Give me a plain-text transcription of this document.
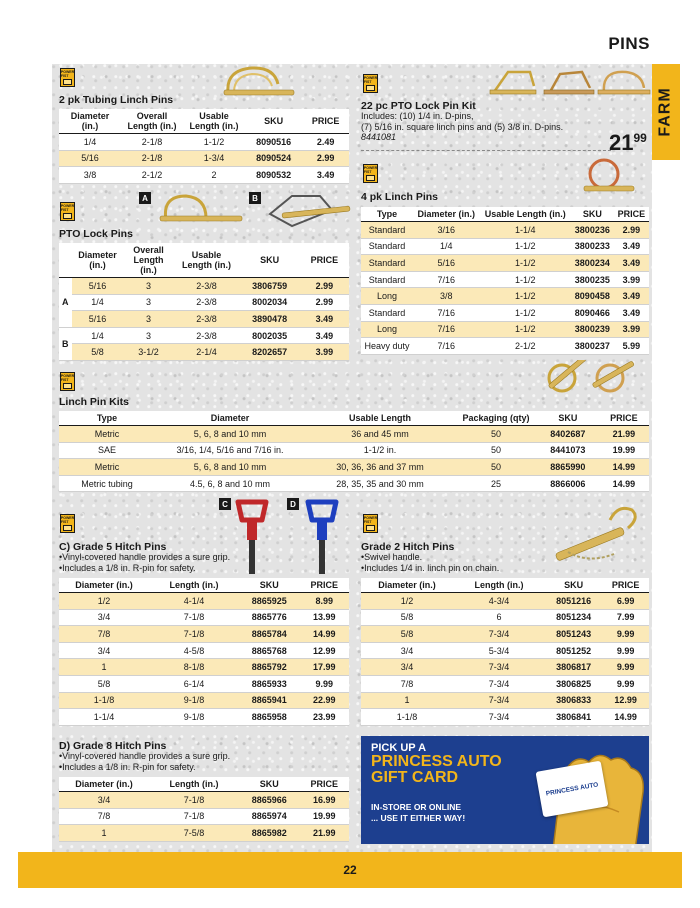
PINS
FARM
POWER FIST
2 pk Tubing Linch Pins
Diameter (in.)	Overall Length (in.)	Usable Length (in.)	SKU	PRICE
1/4	2-1/8	1-1/2	8090516	2.49
5/16	2-1/8	1-3/4	8090524	2.99
3/8	2-1/2	2	8090532	3.49
POWER FIST
22 pc PTO Lock Pin Kit
Includes: (10) 1/4 in. D-pins,
(7) 5/16 in. square linch pins and (5) 3/8 in. D-pins.
8441081	$21^{99}$
POWER FIST
4 pk Linch Pins
Type	Diameter (in.)	Usable Length (in.)	SKU	PRICE
Standard	3/16	1-1/4	3800236	2.99
Standard	1/4	1-1/2	3800233	3.49
Standard	5/16	1-1/2	3800234	3.49
Standard	7/16	1-1/2	3800235	3.99
Long	3/8	1-1/2	8090458	3.49
Standard	7/16	1-1/2	8090466	3.49
Long	7/16	1-1/2	3800239	3.99
Heavy duty	7/16	2-1/2	3800237	5.99
POWER FIST
A	B
PTO Lock Pins
	Diameter (in.)	Overall Length (in.)	Usable Length (in.)	SKU	PRICE
A	5/16	3	2-3/8	3806759	2.99
	1/4	3	2-3/8	8002034	2.99
	5/16	3	2-3/8	3890478	3.49
B	1/4	3	2-3/8	8002035	3.49
	5/8	3-1/2	2-1/4	8202657	3.99
POWER FIST
Linch Pin Kits
Type	Diameter	Usable Length	Packaging (qty)	SKU	PRICE
Metric	5, 6, 8 and 10 mm	36 and 45 mm	50	8402687	21.99
SAE	3/16, 1/4, 5/16 and 7/16 in.	1-1/2 in.	50	8441073	19.99
Metric	5, 6, 8 and 10 mm	30, 36, 36 and 37 mm	50	8865990	14.99
Metric tubing	4.5, 6, 8 and 10 mm	28, 35, 35 and 30 mm	25	8866006	14.99
POWER FIST
C	D
C) Grade 5 Hitch Pins
•Vinyl-covered handle provides a sure grip.
•Includes a 1/8 in. R-pin for safety.
Diameter (in.)	Length (in.)	SKU	PRICE
1/2	4-1/4	8865925	8.99
3/4	7-1/8	8865776	13.99
7/8	7-1/8	8865784	14.99
3/4	4-5/8	8865768	12.99
1	8-1/8	8865792	17.99
5/8	6-1/4	8865933	9.99
1-1/8	9-1/8	8865941	22.99
1-1/4	9-1/8	8865958	23.99
POWER FIST
Grade 2 Hitch Pins
•Swivel handle.
•Includes 1/4 in. linch pin on chain.
Diameter (in.)	Length (in.)	SKU	PRICE
1/2	4-3/4	8051216	6.99
5/8	6	8051234	7.99
5/8	7-3/4	8051243	9.99
3/4	5-3/4	8051252	9.99
3/4	7-3/4	3806817	9.99
7/8	7-3/4	3806825	9.99
1	7-3/4	3806833	12.99
1-1/8	7-3/4	3806841	14.99
D) Grade 8 Hitch Pins
•Vinyl-covered handle provides a sure grip.
•Includes a 1/8 in. R-pin for safety.
Diameter (in.)	Length (in.)	SKU	PRICE
3/4	7-1/8	8865966	16.99
7/8	7-1/8	8865974	19.99
1	7-5/8	8865982	21.99
PICK UP A
PRINCESS AUTO
GIFT CARD
IN-STORE OR ONLINE
... USE IT EITHER WAY!
PRINCESS AUTO
22
